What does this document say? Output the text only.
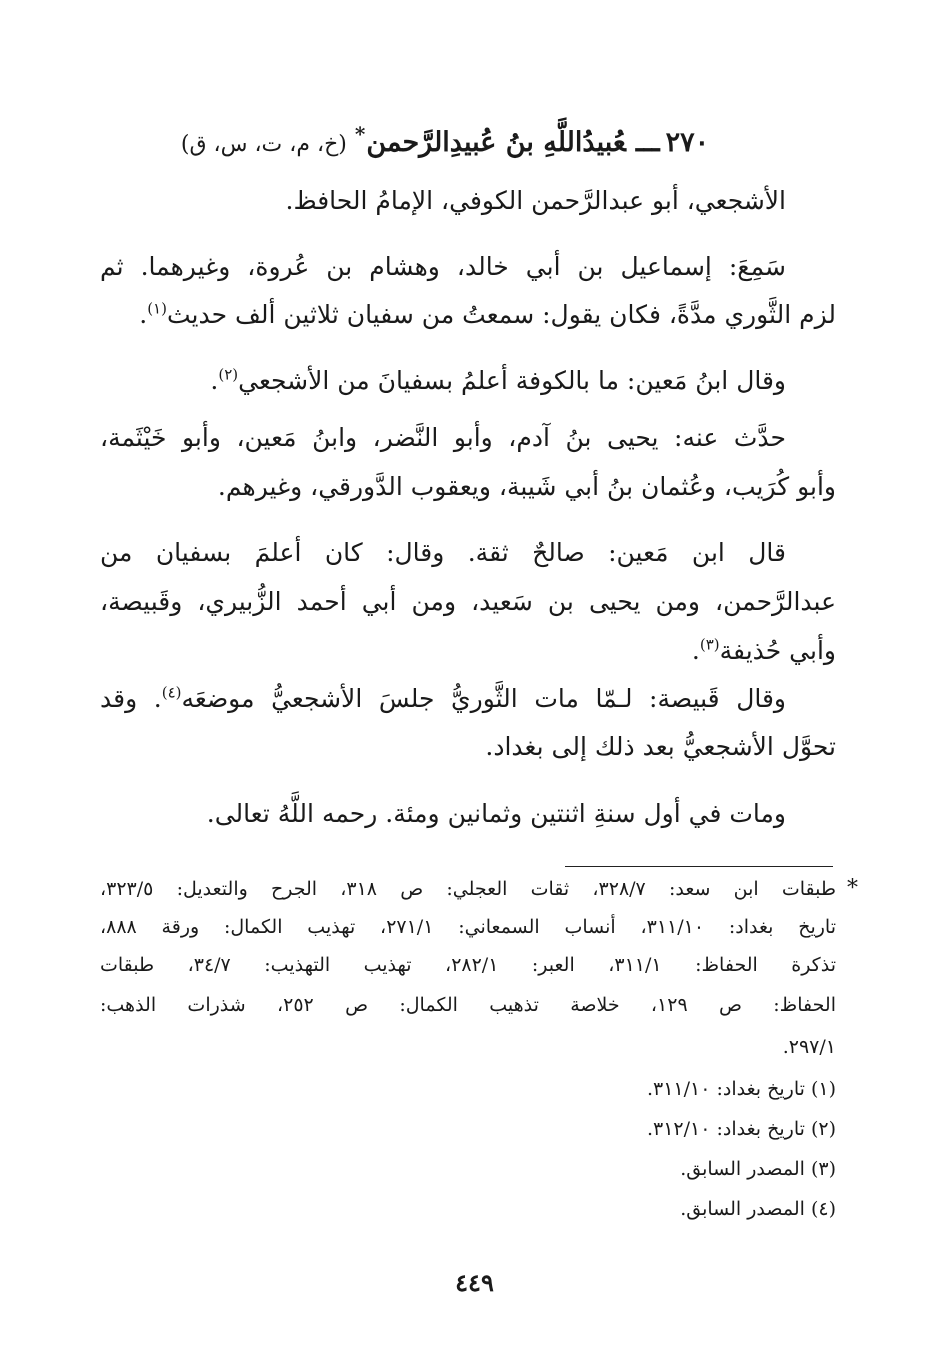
٢٧٠ـــعُبيدُاللَّهِ بنُ عُبيدِالرَّحمن*(خ، م، ت، س، ق)
الأشجعي، أبو عبدالرَّحمن الكوفي، الإمامُ الحافظ.
سَمِعَ: إسماعيل بن أبي خالد، وهشام بن عُروة، وغيرهما. ثم
لزم الثَّوري مدَّةً، فكان يقول: سمعتُ من سفيان ثلاثين ألف حديث$^{(١)}$.
وقال ابنُ مَعين: ما بالكوفة أعلمُ بسفيانَ من الأشجعي$^{(٢)}$.
حدَّث عنه: يحيى بنُ آدم، وأبو النَّضر، وابنُ مَعين، وأبو خَيْثَمة،
وأبو كُرَيب، وعُثمان بنُ أبي شَيبة، ويعقوب الدَّورقي، وغيرهم.
قال ابن مَعين: صالحٌ ثقة. وقال: كان أعلمَ بسفيان من
عبدالرَّحمن، ومن يحيى بن سَعيد، ومن أبي أحمد الزُّبيري، وقَبيصة،
وأبي حُذيفة$^{(٣)}$.
وقال قَبيصة: لـمّا مات الثَّوريُّ جلسَ الأشجعيُّ موضعَه$^{(٤)}$. وقد
تحوَّل الأشجعيُّ بعد ذلك إلى بغداد.
ومات في أول سنةِ اثنتين وثمانين ومئة. رحمه اللَّهُ تعالى.
طبقات ابن سعد: ٣٢٨/٧، ثقات العجلي: ص ٣١٨، الجرح والتعديل: ٣٢٣/٥،
تاريخ بغداد: ٣١١/١٠، أنساب السمعاني: ٢٧١/١، تهذيب الكمال: ورقة ٨٨٨،
تذكرة الحفاظ: ٣١١/١، العبر: ٢٨٢/١، تهذيب التهذيب: ٣٤/٧، طبقات
الحفاظ: ص ١٢٩، خلاصة تذهيب الكمال: ص ٢٥٢، شذرات الذهب:
٢٩٧/١.
*
(١) تاريخ بغداد: ٣١١/١٠.
(٢) تاريخ بغداد: ٣١٢/١٠.
(٣) المصدر السابق.
(٤) المصدر السابق.
٤٤٩
